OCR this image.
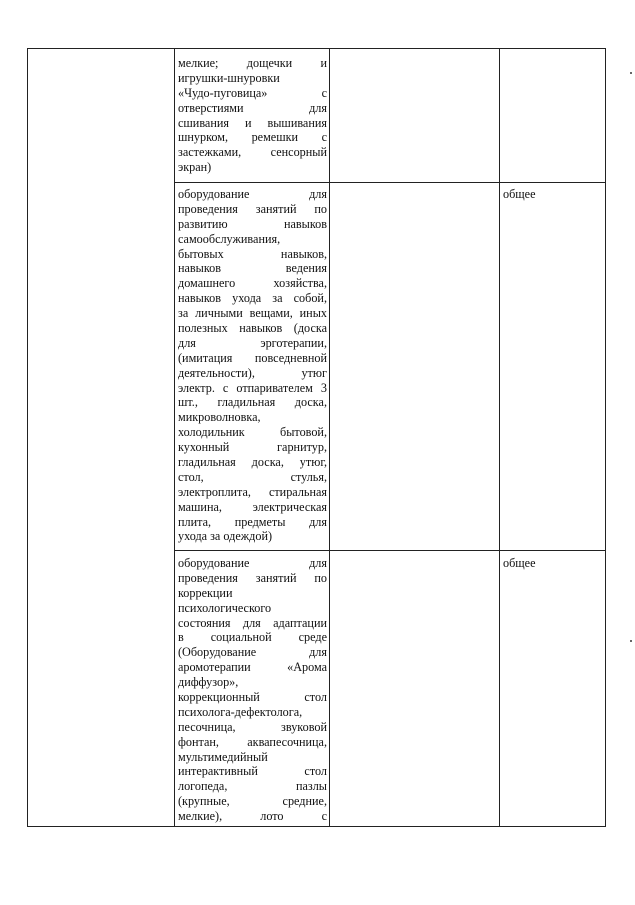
мелкие; дощечки и
игрушки-шнуровки
«Чудо-пуговица» с
отверстиями для
сшивания и вышивания
шнурком, ремешки с
застежками, сенсорный
экран)
оборудование для
проведения занятий по
развитию навыков
самообслуживания,
бытовых навыков,
навыков ведения
домашнего хозяйства,
навыков ухода за собой,
за личными вещами, иных
полезных навыков (доска
для эрготерапии,
(имитация повседневной
деятельности), утюг
электр. с отпаривателем 3
шт., гладильная доска,
микроволновка,
холодильник бытовой,
кухонный гарнитур,
гладильная доска, утюг,
стол, стулья,
электроплита, стиральная
машина, электрическая
плита, предметы для
ухода за одеждой)
общее
оборудование для
проведения занятий по
коррекции
психологического
состояния для адаптации
в социальной среде
(Оборудование для
аромотерапии «Арома
диффузор»,
коррекционный стол
психолога-дефектолога,
песочница, звуковой
фонтан, аквапесочница,
мультимедийный
интерактивный стол
логопеда, пазлы
(крупные, средние,
мелкие), лото с
общее
